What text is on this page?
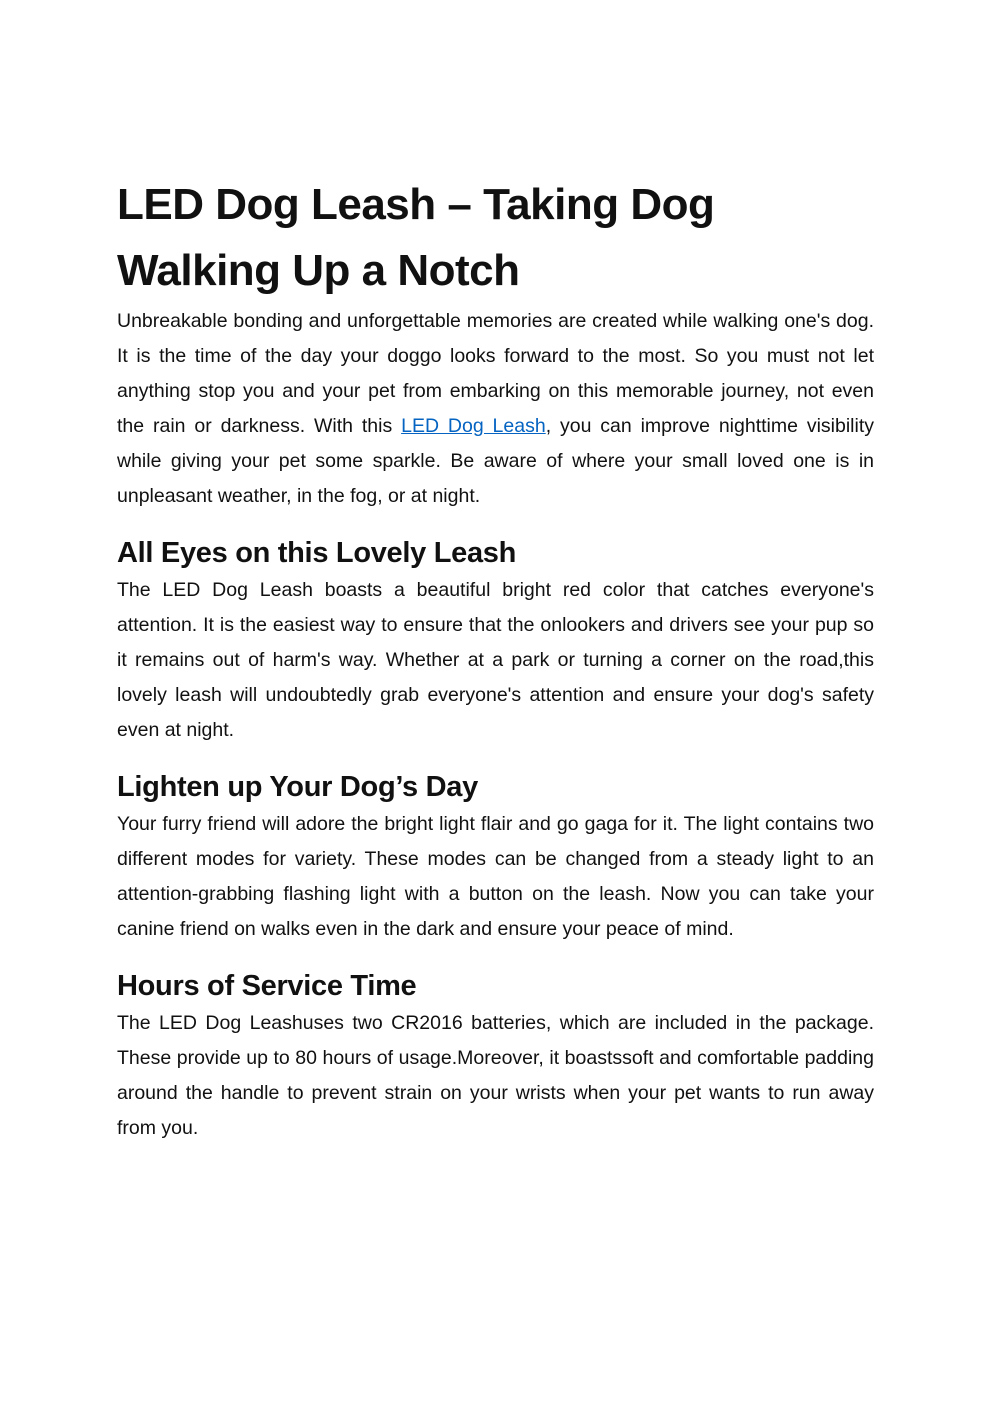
LED Dog Leash – Taking Dog Walking Up a Notch

Unbreakable bonding and unforgettable memories are created while walking one's dog. It is the time of the day your doggo looks forward to the most. So you must not let anything stop you and your pet from embarking on this memorable journey, not even the rain or darkness. With this LED Dog Leash, you can improve nighttime visibility while giving your pet some sparkle. Be aware of where your small loved one is in unpleasant weather, in the fog, or at night.

All Eyes on this Lovely Leash

The LED Dog Leash boasts a beautiful bright red color that catches everyone's attention. It is the easiest way to ensure that the onlookers and drivers see your pup so it remains out of harm's way. Whether at a park or turning a corner on the road,this lovely leash will undoubtedly grab everyone's attention and ensure your dog's safety even at night.

Lighten up Your Dog’s Day

Your furry friend will adore the bright light flair and go gaga for it. The light contains two different modes for variety. These modes can be changed from a steady light to an attention-grabbing flashing light with a button on the leash. Now you can take your canine friend on walks even in the dark and ensure your peace of mind.

Hours of Service Time

The LED Dog Leashuses two CR2016 batteries, which are included in the package. These provide up to 80 hours of usage.Moreover, it boastssoft and comfortable padding around the handle to prevent strain on your wrists when your pet wants to run away from you.
